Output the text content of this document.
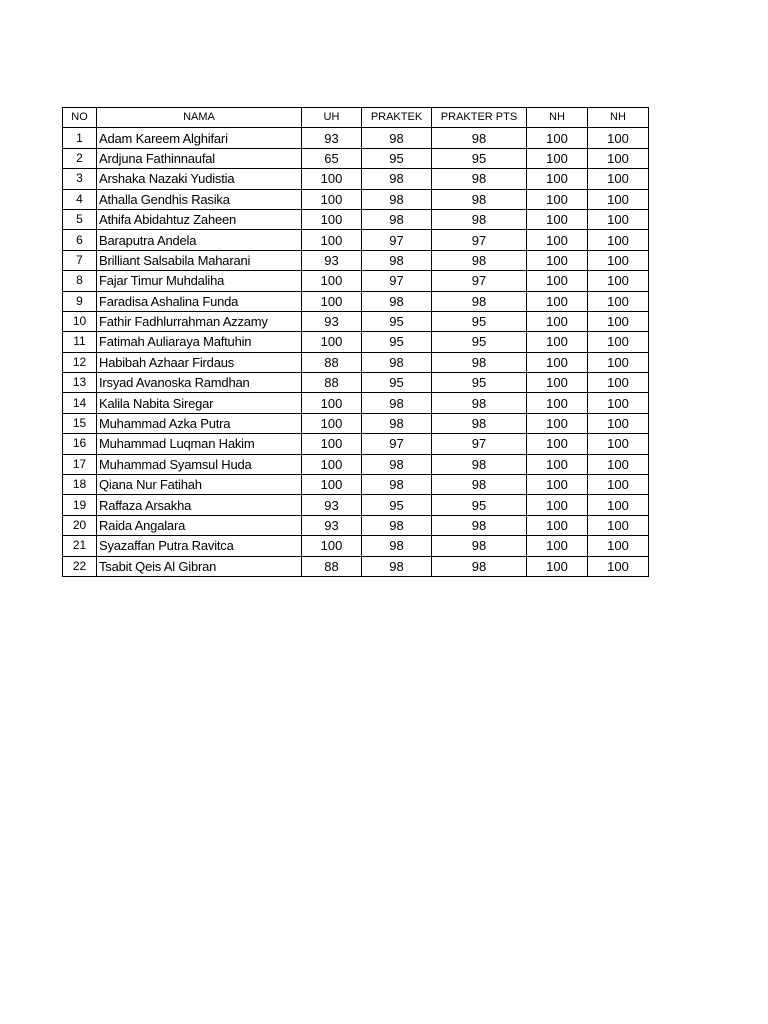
NO	NAMA	UH	PRAKTEK	PRAKTER PTS	NH	NH
1	Adam Kareem Alghifari	93	98	98	100	100
2	Ardjuna Fathinnaufal	65	95	95	100	100
3	Arshaka Nazaki Yudistia	100	98	98	100	100
4	Athalla Gendhis Rasika	100	98	98	100	100
5	Athifa Abidahtuz Zaheen	100	98	98	100	100
6	Baraputra Andela	100	97	97	100	100
7	Brilliant Salsabila Maharani	93	98	98	100	100
8	Fajar Timur Muhdaliha	100	97	97	100	100
9	Faradisa Ashalina Funda	100	98	98	100	100
10	Fathir Fadhlurrahman Azzamy	93	95	95	100	100
11	Fatimah Auliaraya Maftuhin	100	95	95	100	100
12	Habibah Azhaar Firdaus	88	98	98	100	100
13	Irsyad Avanoska Ramdhan	88	95	95	100	100
14	Kalila Nabita Siregar	100	98	98	100	100
15	Muhammad Azka Putra	100	98	98	100	100
16	Muhammad Luqman Hakim	100	97	97	100	100
17	Muhammad Syamsul Huda	100	98	98	100	100
18	Qiana Nur Fatihah	100	98	98	100	100
19	Raffaza Arsakha	93	95	95	100	100
20	Raida Angalara	93	98	98	100	100
21	Syazaffan Putra Ravitca	100	98	98	100	100
22	Tsabit Qeis Al Gibran	88	98	98	100	100
